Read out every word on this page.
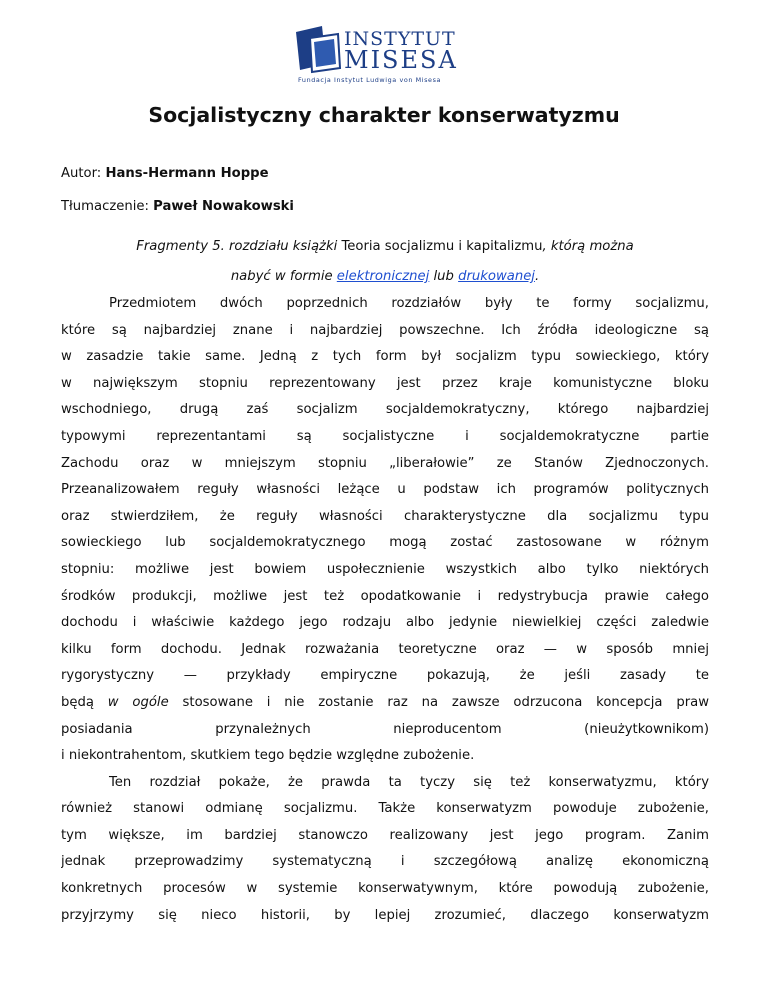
INSTYTUT
MISESA
Fundacja Instytut Ludwiga von Misesa
Socjalistyczny charakter konserwatyzmu

Autor: Hans-Hermann Hoppe

Tłumaczenie: Paweł Nowakowski

Fragmenty 5. rozdziału książki Teoria socjalizmu i kapitalizmu, którą można
nabyć w formie elektronicznej lub drukowanej.

Przedmiotem dwóch poprzednich rozdziałów były te formy socjalizmu,
które są najbardziej znane i najbardziej powszechne. Ich źródła ideologiczne są
w zasadzie takie same. Jedną z tych form był socjalizm typu sowieckiego, który
w największym stopniu reprezentowany jest przez kraje komunistyczne bloku
wschodniego, drugą zaś socjalizm socjaldemokratyczny, którego najbardziej
typowymi reprezentantami są socjalistyczne i socjaldemokratyczne partie
Zachodu oraz w mniejszym stopniu „liberałowie” ze Stanów Zjednoczonych.
Przeanalizowałem reguły własności leżące u podstaw ich programów politycznych
oraz stwierdziłem, że reguły własności charakterystyczne dla socjalizmu typu
sowieckiego lub socjaldemokratycznego mogą zostać zastosowane w różnym
stopniu: możliwe jest bowiem uspołecznienie wszystkich albo tylko niektórych
środków produkcji, możliwe jest też opodatkowanie i redystrybucja prawie całego
dochodu i właściwie każdego jego rodzaju albo jedynie niewielkiej części zaledwie
kilku form dochodu. Jednak rozważania teoretyczne oraz — w sposób mniej
rygorystyczny — przykłady empiryczne pokazują, że jeśli zasady te
będą w ogóle stosowane i nie zostanie raz na zawsze odrzucona koncepcja praw
posiadania przynależnych nieproducentom (nieużytkownikom)
i niekontrahentom, skutkiem tego będzie względne zubożenie.
Ten rozdział pokaże, że prawda ta tyczy się też konserwatyzmu, który
również stanowi odmianę socjalizmu. Także konserwatyzm powoduje zubożenie,
tym większe, im bardziej stanowczo realizowany jest jego program. Zanim
jednak przeprowadzimy systematyczną i szczegółową analizę ekonomiczną
konkretnych procesów w systemie konserwatywnym, które powodują zubożenie,
przyjrzymy się nieco historii, by lepiej zrozumieć, dlaczego konserwatyzm
